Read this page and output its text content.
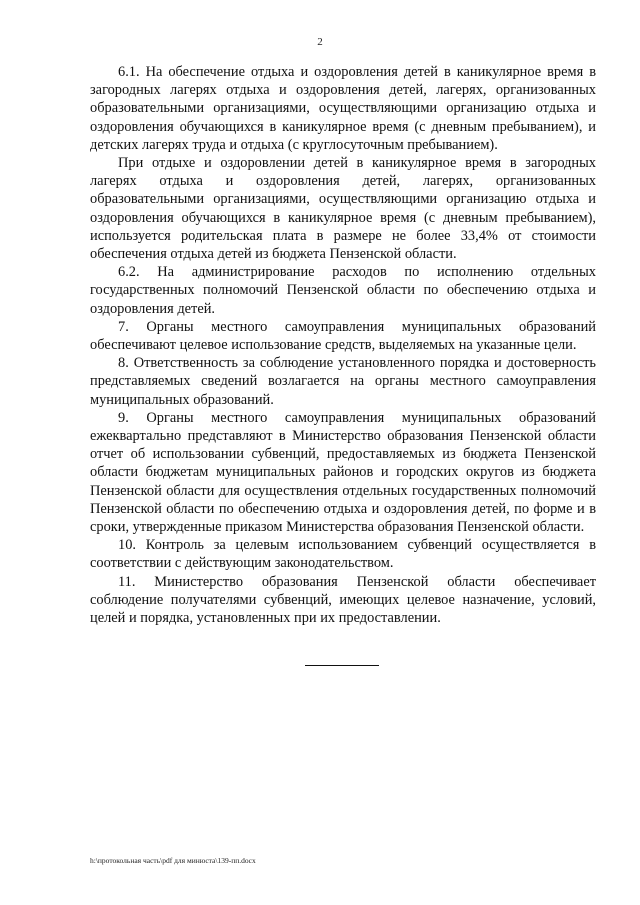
2

6.1. На обеспечение отдыха и оздоровления детей в каникулярное время в загородных лагерях отдыха и оздоровления детей, лагерях, организованных образовательными организациями, осуществляющими организацию отдыха и оздоровления обучающихся в каникулярное время (с дневным пребыванием), и детских лагерях труда и отдыха (с круглосуточным пребыванием).

При отдыхе и оздоровлении детей в каникулярное время в загородных лагерях отдыха и оздоровления детей, лагерях, организованных образовательными организациями, осуществляющими организацию отдыха и оздоровления обучающихся в каникулярное время (с дневным пребыванием), используется родительская плата в размере не более 33,4% от стоимости обеспечения отдыха детей из бюджета Пензенской области.

6.2. На администрирование расходов по исполнению отдельных государственных полномочий Пензенской области по обеспечению отдыха и оздоровления детей.

7. Органы местного самоуправления муниципальных образований обеспечивают целевое использование средств, выделяемых на указанные цели.

8. Ответственность за соблюдение установленного порядка и достоверность представляемых сведений возлагается на органы местного самоуправления муниципальных образований.

9. Органы местного самоуправления муниципальных образований ежеквартально представляют в Министерство образования Пензенской области отчет об использовании субвенций, предоставляемых из бюджета Пензенской области бюджетам муниципальных районов и городских округов из бюджета Пензенской области для осуществления отдельных государственных полномочий Пензенской области по обеспечению отдыха и оздоровления детей, по форме и в сроки, утвержденные приказом Министерства образования Пензенской области.

10. Контроль за целевым использованием субвенций осуществляется в соответствии с действующим законодательством.

11. Министерство образования Пензенской области обеспечивает соблюдение получателями субвенций, имеющих целевое назначение, условий, целей и порядка, установленных при их предоставлении.

h:\протокольная часть\pdf для минюста\139-пп.docx
